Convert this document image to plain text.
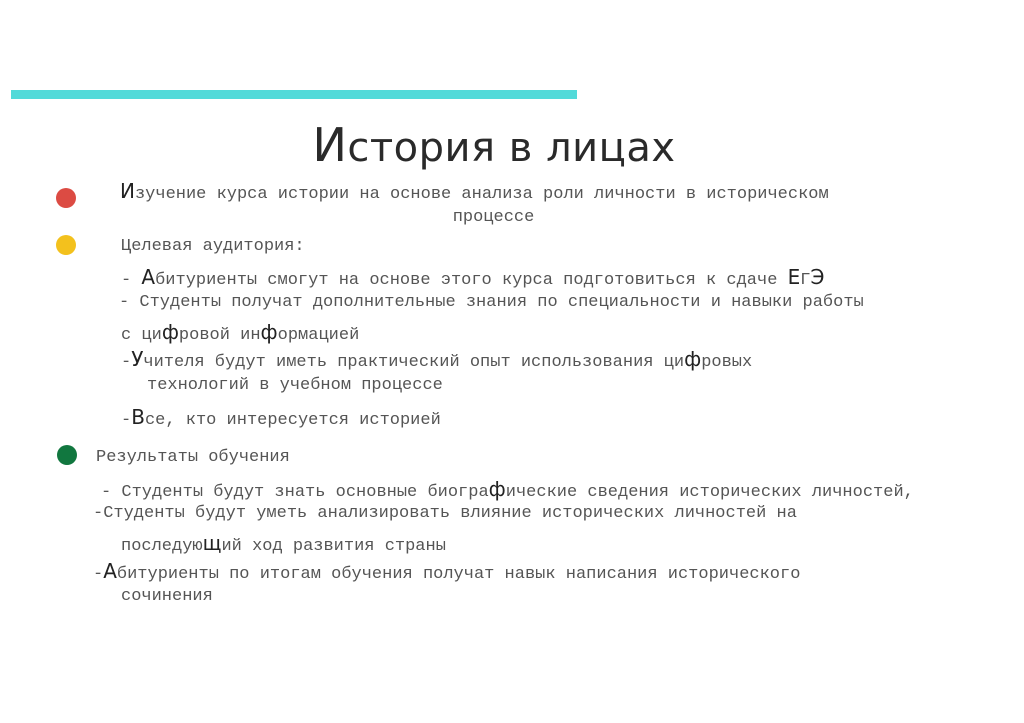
История в лицах
Изучение курса истории на основе анализа роли личности в историческом
процессе
Целевая аудитория:
- Абитуриенты смогут на основе этого курса подготовиться к сдаче ЕГЭ
- Студенты получат дополнительные знания по специальности и навыки работы
с цифровой информацией
-Учителя будут иметь практический опыт использования цифровых
технологий в учебном процессе
-Все, кто интересуется историей
Результаты обучения
- Студенты будут знать основные биографические сведения исторических личностей,
-Студенты будут уметь анализировать влияние исторических личностей на
последующий ход развития страны
-Абитуриенты по итогам обучения получат навык написания исторического
сочинения
